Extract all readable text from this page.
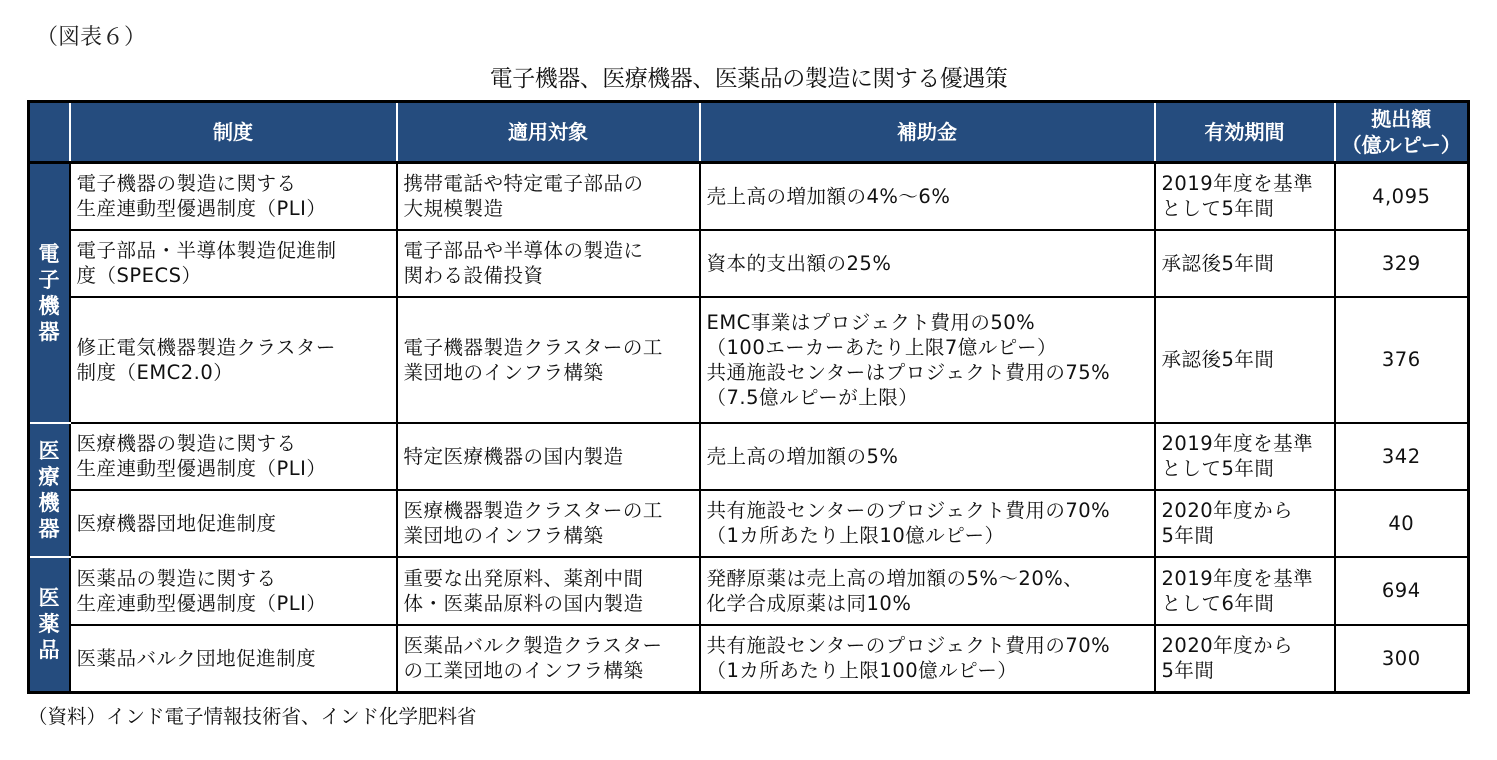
（図表６）
電子機器、医療機器、医薬品の製造に関する優遇策
	制度	適用対象	補助金	有効期間	拠出額
（億ルピー）

電子機器	電子機器の製造に関する
生産連動型優遇制度（PLI）	携帯電話や特定電子部品の
大規模製造	売上高の増加額の4%～6%	2019年度を基準
として5年間	4,095

	電子部品・半導体製造促進制
度（SPECS）	電子部品や半導体の製造に
関わる設備投資	資本的支出額の25%	承認後5年間	329

	修正電気機器製造クラスター
制度（EMC2.0）	電子機器製造クラスターの工
業団地のインフラ構築	EMC事業はプロジェクト費用の50%
（100エーカーあたり上限7億ルピー）
共通施設センターはプロジェクト費用の75%
（7.5億ルピーが上限）	承認後5年間	376
医療機器	医療機器の製造に関する
生産連動型優遇制度（PLI）	特定医療機器の国内製造	売上高の増加額の5%	2019年度を基準
として5年間	342

	医療機器団地促進制度	医療機器製造クラスターの工
業団地のインフラ構築	共有施設センターのプロジェクト費用の70%
（1カ所あたり上限10億ルピー）	2020年度から
5年間	40
医薬品	医薬品の製造に関する
生産連動型優遇制度（PLI）	重要な出発原料、薬剤中間
体・医薬品原料の国内製造	発酵原薬は売上高の増加額の5%～20%、
化学合成原薬は同10%	2019年度を基準
として6年間	694

	医薬品バルク団地促進制度	医薬品バルク製造クラスター
の工業団地のインフラ構築	共有施設センターのプロジェクト費用の70%
（1カ所あたり上限100億ルピー）	2020年度から
5年間	300
（資料）インド電子情報技術省、インド化学肥料省
